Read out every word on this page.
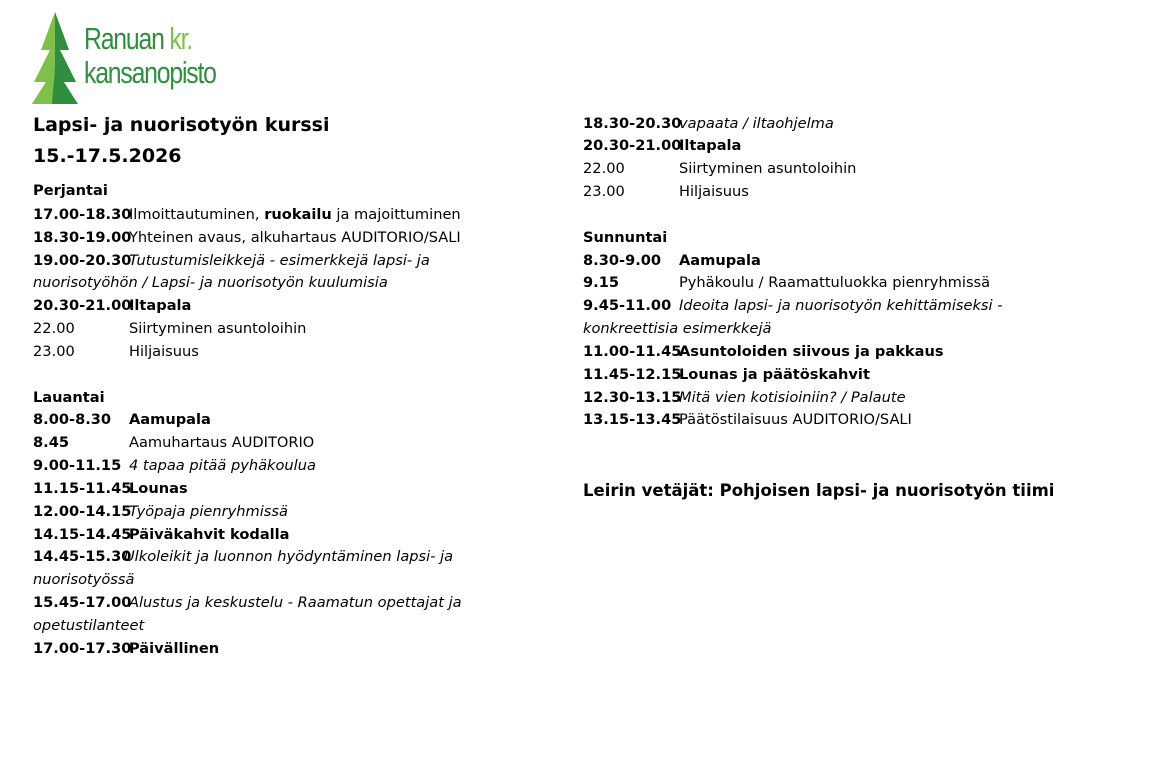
Ranuan kr.
kansanopisto
Lapsi- ja nuorisotyön kurssi
15.-17.5.2026
Perjantai
17.00-18.30Ilmoittautuminen, ruokailu ja majoittuminen
18.30-19.00Yhteinen avaus, alkuhartaus AUDITORIO/SALI
19.00-20.30Tutustumisleikkejä - esimerkkejä lapsi- ja
nuorisotyöhön / Lapsi- ja nuorisotyön kuulumisia
20.30-21.00Iltapala
22.00	Siirtyminen asuntoloihin
23.00	Hiljaisuus
Lauantai
8.00-8.30 Aamupala
8.45	Aamuhartaus AUDITORIO
9.00-11.15 4 tapaa pitää pyhäkoulua
11.15-11.45Lounas
12.00-14.15Työpaja pienryhmissä
14.15-14.45Päiväkahvit kodalla
14.45-15.30Ulkoleikit ja luonnon hyödyntäminen lapsi- ja
nuorisotyössä
15.45-17.00Alustus ja keskustelu - Raamatun opettajat ja
opetustilanteet
17.00-17.30Päivällinen
18.30-20.30vapaata / iltaohjelma
20.30-21.00Iltapala
22.00	Siirtyminen asuntoloihin
23.00	Hiljaisuus
Sunnuntai
8.30-9.00 Aamupala
9.15	Pyhäkoulu / Raamattuluokka pienryhmissä
9.45-11.00 Ideoita lapsi- ja nuorisotyön kehittämiseksi -
konkreettisia esimerkkejä
11.00-11.45Asuntoloiden siivous ja pakkaus
11.45-12.15Lounas ja päätöskahvit
12.30-13.15Mitä vien kotisioiniin? / Palaute
13.15-13.45Päätöstilaisuus AUDITORIO/SALI
Leirin vetäjät: Pohjoisen lapsi- ja nuorisotyön tiimi
